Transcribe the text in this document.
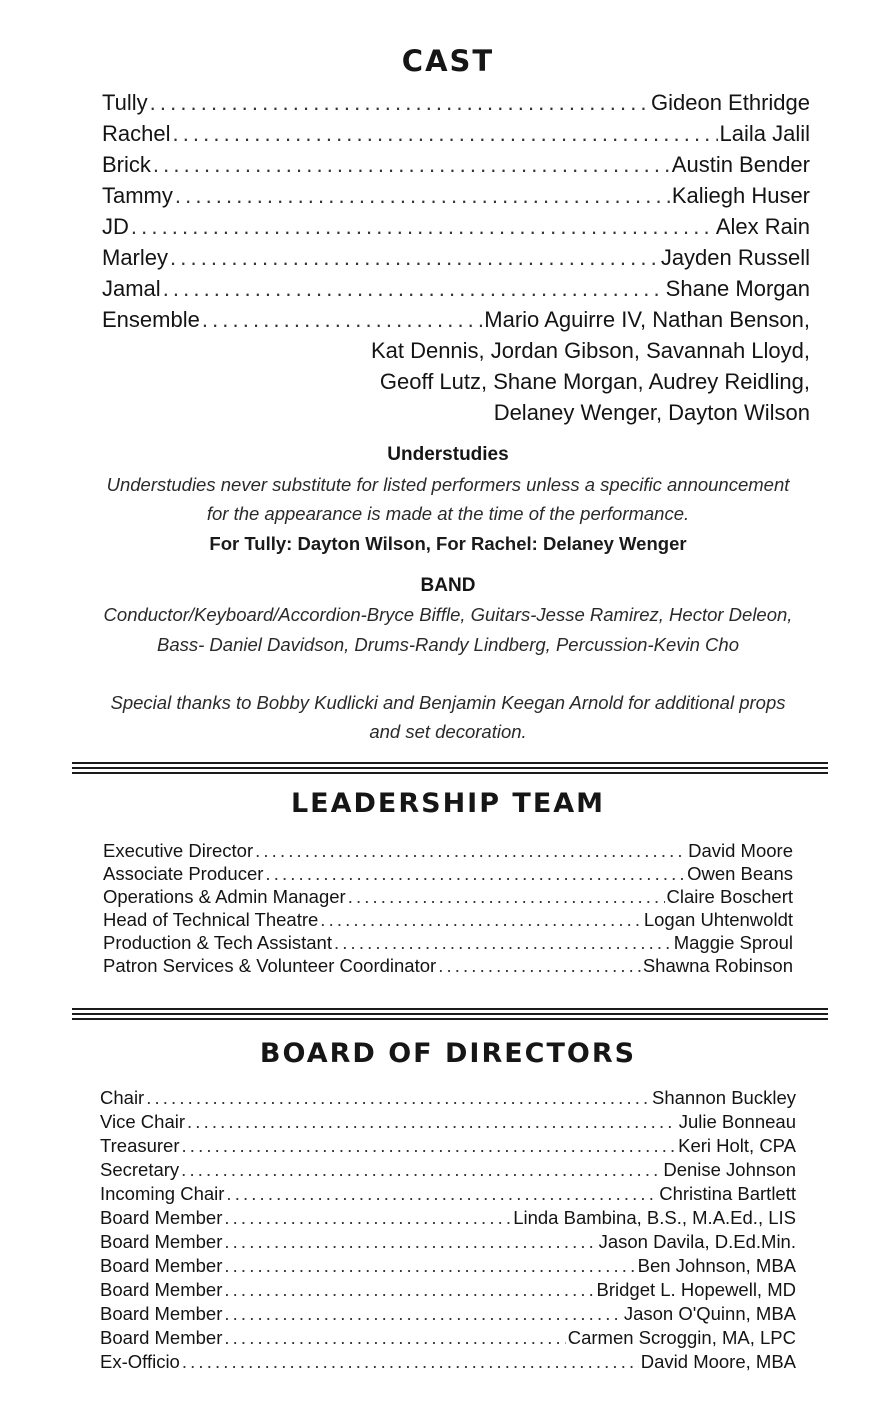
CAST
Tully . . .	Gideon Ethridge
Rachel . . .	Laila Jalil
Brick . . .	Austin Bender
Tammy . . .	Kaliegh Huser
JD . . .	Alex Rain
Marley . . .	Jayden Russell
Jamal . . .	Shane Morgan
Ensemble . . .	Mario Aguirre IV, Nathan Benson,
Kat Dennis, Jordan Gibson, Savannah Lloyd,
Geoff Lutz, Shane Morgan, Audrey Reidling,
Delaney Wenger, Dayton Wilson
Understudies
Understudies never substitute for listed performers unless a specific announcement
for the appearance is made at the time of the performance.
For Tully: Dayton Wilson, For Rachel: Delaney Wenger
BAND
Conductor/Keyboard/Accordion-Bryce Biffle, Guitars-Jesse Ramirez, Hector Deleon,
Bass- Daniel Davidson, Drums-Randy Lindberg, Percussion-Kevin Cho
Special thanks to Bobby Kudlicki and Benjamin Keegan Arnold for additional props
and set decoration.
LEADERSHIP TEAM
Executive Director . . .	David Moore
Associate Producer . . .	Owen Beans
Operations & Admin Manager . . .	Claire Boschert
Head of Technical Theatre . . .	Logan Uhtenwoldt
Production & Tech Assistant . . .	Maggie Sproul
Patron Services & Volunteer Coordinator . . .	Shawna Robinson
BOARD OF DIRECTORS
Chair . . .	Shannon Buckley
Vice Chair . . .	Julie Bonneau
Treasurer . . .	Keri Holt, CPA
Secretary . . .	Denise Johnson
Incoming Chair . . .	Christina Bartlett
Board Member . . .	Linda Bambina, B.S., M.A.Ed., LIS
Board Member . . .	Jason Davila, D.Ed.Min.
Board Member . . .	Ben Johnson, MBA
Board Member . . .	Bridget L. Hopewell, MD
Board Member . . .	Jason O'Quinn, MBA
Board Member . . .	Carmen Scroggin, MA, LPC
Ex-Officio . . .	David Moore, MBA
